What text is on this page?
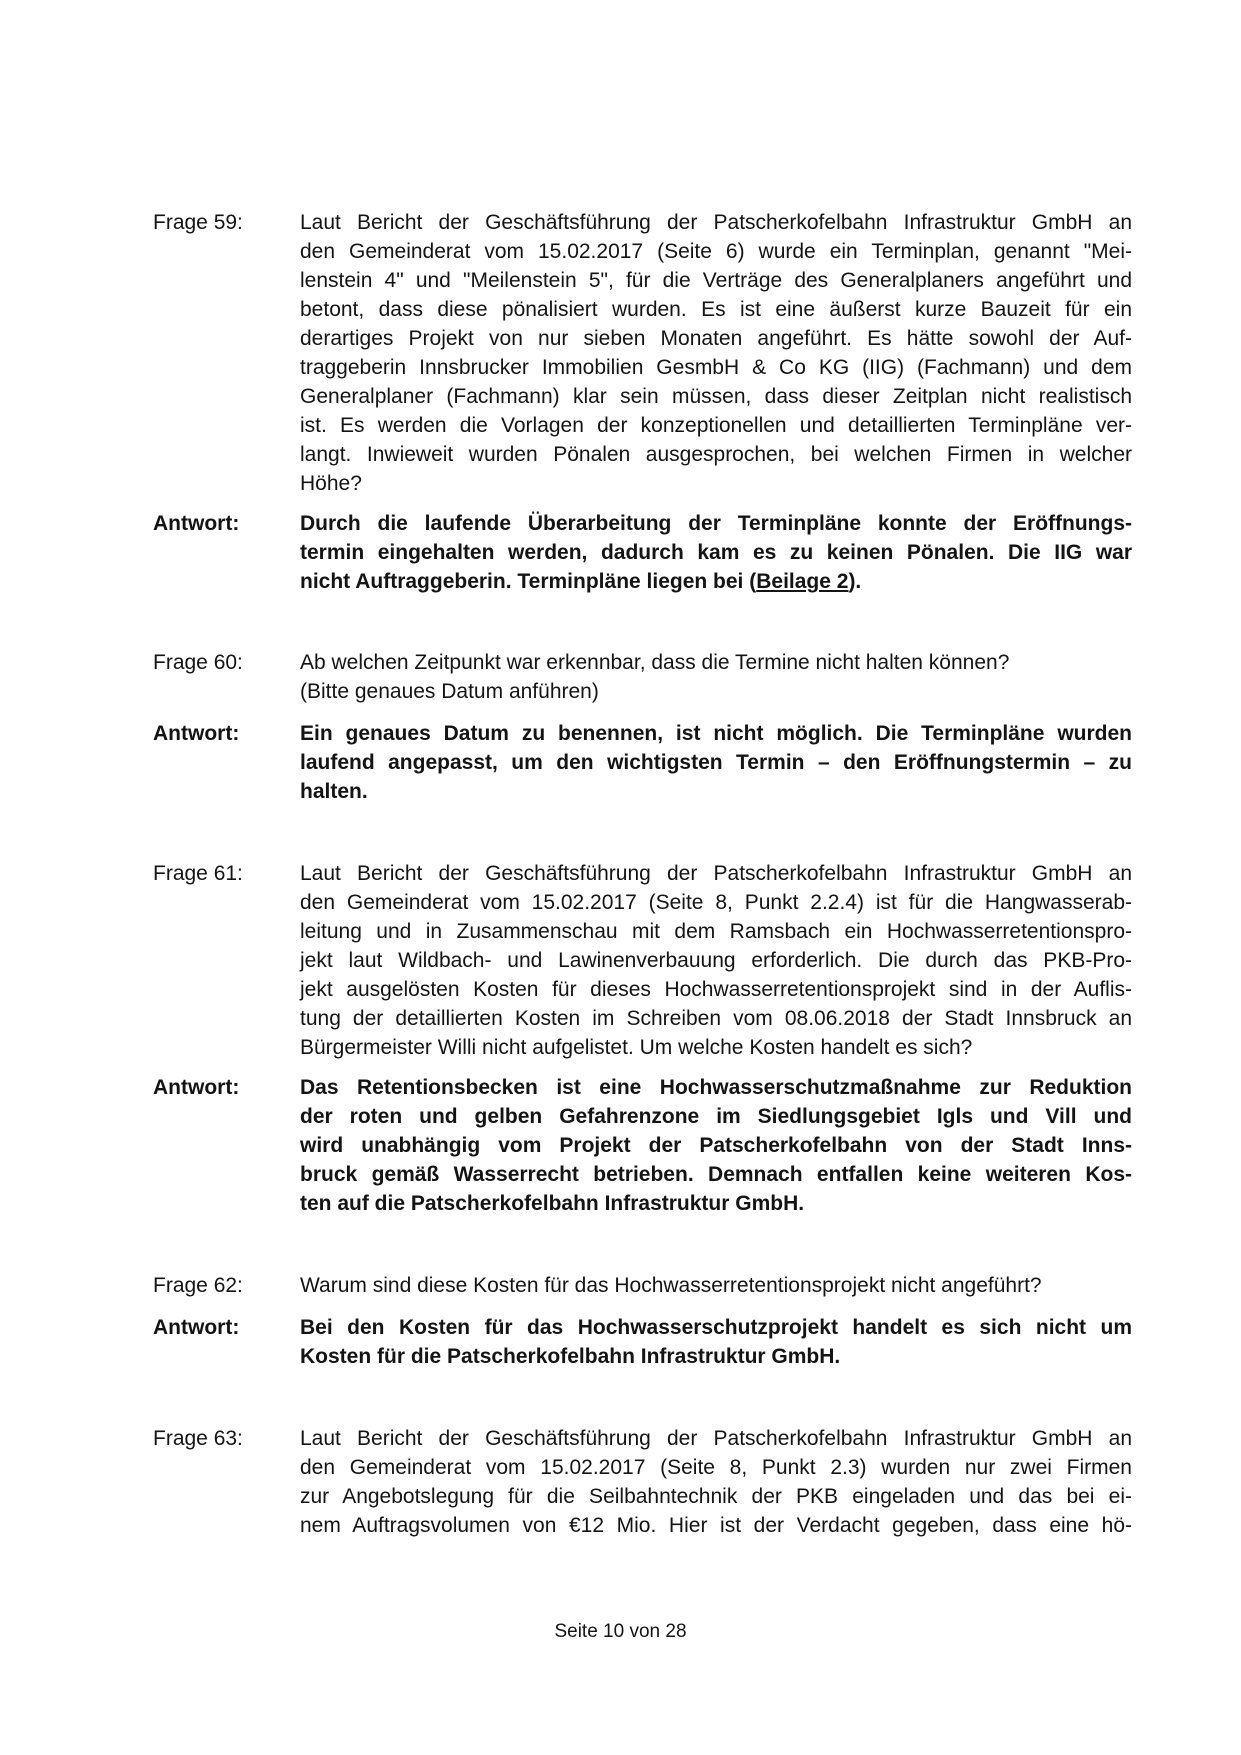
Frage 59:	Laut Bericht der Geschäftsführung der Patscherkofelbahn Infrastruktur GmbH an
den Gemeinderat vom 15.02.2017 (Seite 6) wurde ein Terminplan, genannt "Mei-
lenstein 4" und "Meilenstein 5", für die Verträge des Generalplaners angeführt und
betont, dass diese pönalisiert wurden. Es ist eine äußerst kurze Bauzeit für ein
derartiges Projekt von nur sieben Monaten angeführt. Es hätte sowohl der Auf-
traggeberin Innsbrucker Immobilien GesmbH & Co KG (IIG) (Fachmann) und dem
Generalplaner (Fachmann) klar sein müssen, dass dieser Zeitplan nicht realistisch
ist. Es werden die Vorlagen der konzeptionellen und detaillierten Terminpläne ver-
langt. Inwieweit wurden Pönalen ausgesprochen, bei welchen Firmen in welcher
Höhe?
Antwort:	Durch die laufende Überarbeitung der Terminpläne konnte der Eröffnungs-
termin eingehalten werden, dadurch kam es zu keinen Pönalen. Die IIG war
nicht Auftraggeberin. Terminpläne liegen bei (Beilage 2).
Frage 60:	Ab welchen Zeitpunkt war erkennbar, dass die Termine nicht halten können?
(Bitte genaues Datum anführen)
Antwort:	Ein genaues Datum zu benennen, ist nicht möglich. Die Terminpläne wurden
laufend angepasst, um den wichtigsten Termin – den Eröffnungstermin – zu
halten.
Frage 61:	Laut Bericht der Geschäftsführung der Patscherkofelbahn Infrastruktur GmbH an
den Gemeinderat vom 15.02.2017 (Seite 8, Punkt 2.2.4) ist für die Hangwasserab-
leitung und in Zusammenschau mit dem Ramsbach ein Hochwasserretentionspro-
jekt laut Wildbach- und Lawinenverbauung erforderlich. Die durch das PKB-Pro-
jekt ausgelösten Kosten für dieses Hochwasserretentionsprojekt sind in der Auflis-
tung der detaillierten Kosten im Schreiben vom 08.06.2018 der Stadt Innsbruck an
Bürgermeister Willi nicht aufgelistet. Um welche Kosten handelt es sich?
Antwort:	Das Retentionsbecken ist eine Hochwasserschutzmaßnahme zur Reduktion
der roten und gelben Gefahrenzone im Siedlungsgebiet Igls und Vill und
wird unabhängig vom Projekt der Patscherkofelbahn von der Stadt Inns-
bruck gemäß Wasserrecht betrieben. Demnach entfallen keine weiteren Kos-
ten auf die Patscherkofelbahn Infrastruktur GmbH.
Frage 62:	Warum sind diese Kosten für das Hochwasserretentionsprojekt nicht angeführt?
Antwort:	Bei den Kosten für das Hochwasserschutzprojekt handelt es sich nicht um
Kosten für die Patscherkofelbahn Infrastruktur GmbH.
Frage 63:	Laut Bericht der Geschäftsführung der Patscherkofelbahn Infrastruktur GmbH an
den Gemeinderat vom 15.02.2017 (Seite 8, Punkt 2.3) wurden nur zwei Firmen
zur Angebotslegung für die Seilbahntechnik der PKB eingeladen und das bei ei-
nem Auftragsvolumen von €12 Mio. Hier ist der Verdacht gegeben, dass eine hö-
Seite 10 von 28
